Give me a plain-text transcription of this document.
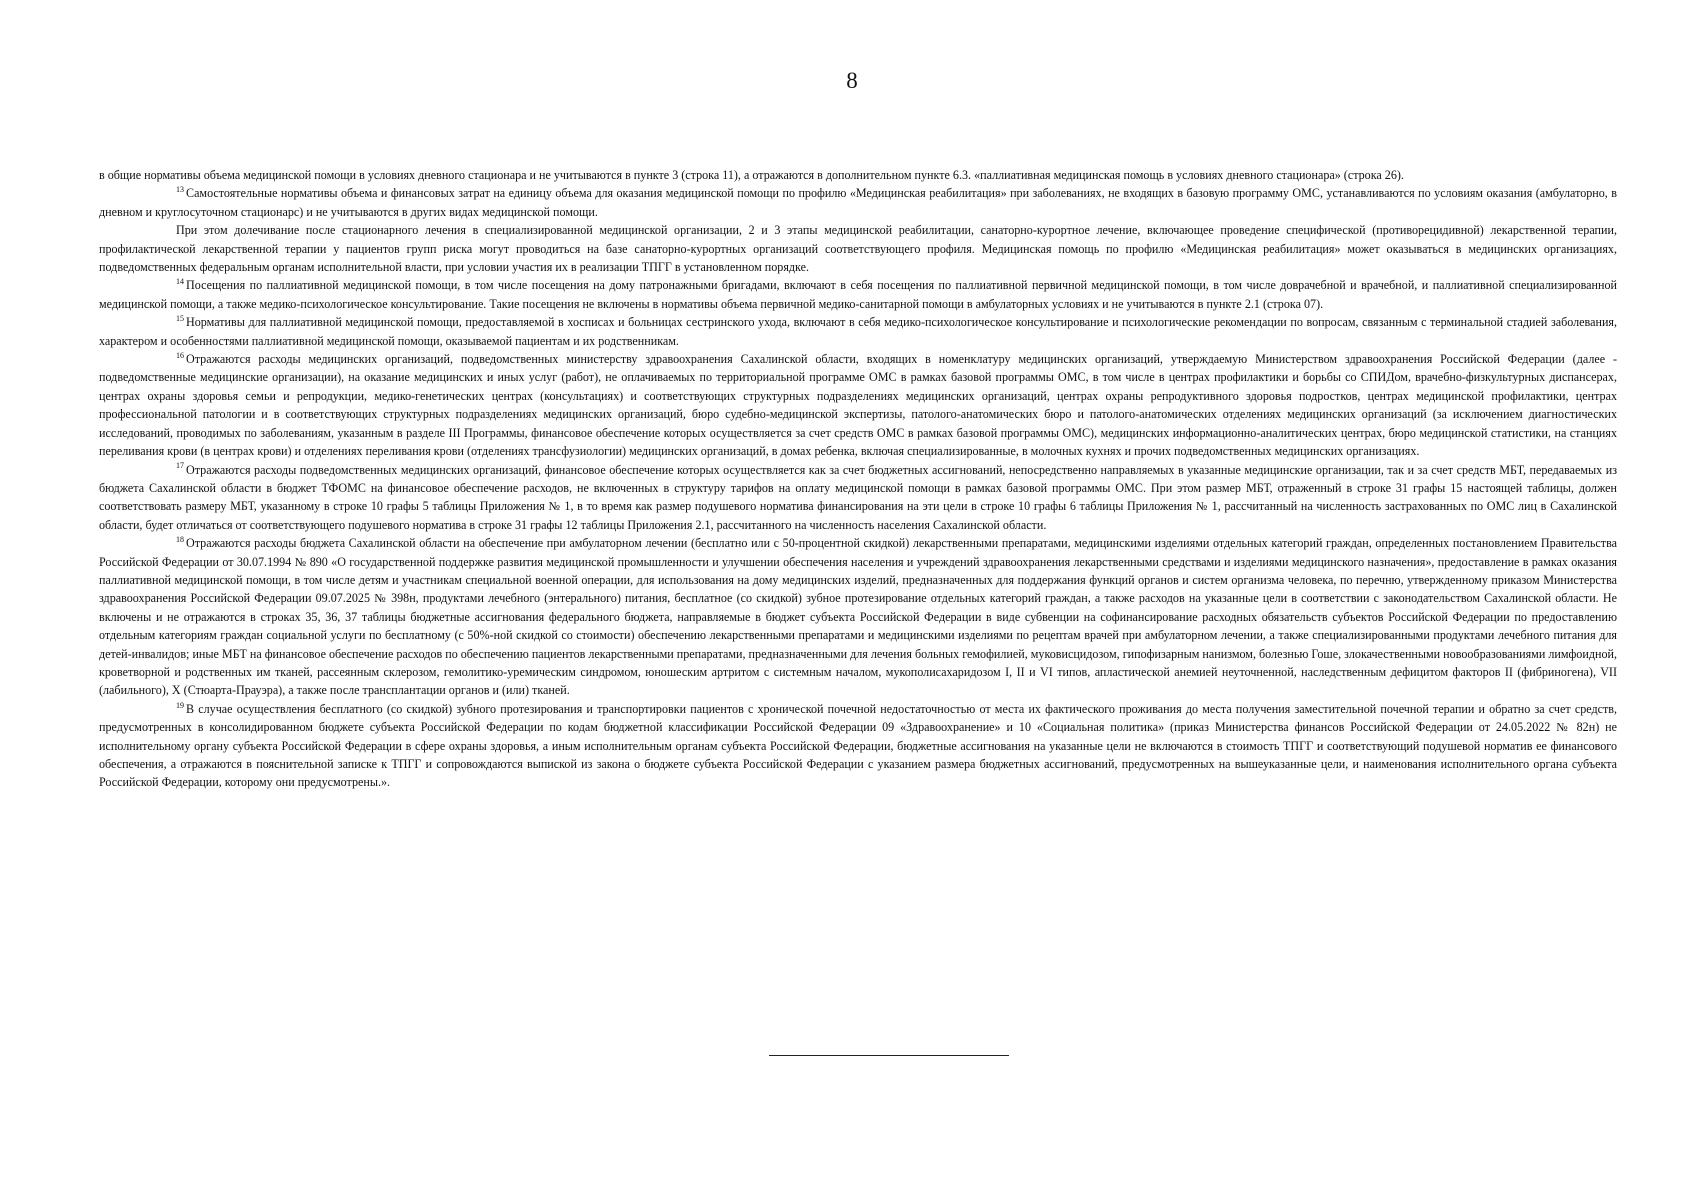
8

в общие нормативы объема медицинской помощи в условиях дневного стационара и не учитываются в пункте 3 (строка 11), а отражаются в дополнительном пункте 6.3. «паллиативная медицинская помощь в условиях дневного стационара» (строка 26).

$^{13}$ Самостоятельные нормативы объема и финансовых затрат на единицу объема для оказания медицинской помощи по профилю «Медицинская реабилитация» при заболеваниях, не входящих в базовую программу ОМС, устанавливаются по условиям оказания (амбулаторно, в дневном и круглосуточном стационарс) и не учитываются в других видах медицинской помощи.

При этом долечивание после стационарного лечения в специализированной медицинской организации, 2 и 3 этапы медицинской реабилитации, санаторно-курортное лечение, включающее проведение специфической (противорецидивной) лекарственной терапии, профилактической лекарственной терапии у пациентов групп риска могут проводиться на базе санаторно-курортных организаций соответствующего профиля. Медицинская помощь по профилю «Медицинская реабилитация» может оказываться в медицинских организациях, подведомственных федеральным органам исполнительной власти, при условии участия их в реализации ТПГГ в установленном порядке.

$^{14}$ Посещения по паллиативной медицинской помощи, в том числе посещения на дому патронажными бригадами, включают в себя посещения по паллиативной первичной медицинской помощи, в том числе доврачебной и врачебной, и паллиативной специализированной медицинской помощи, а также медико-психологическое консультирование. Такие посещения не включены в нормативы объема первичной медико-санитарной помощи в амбулаторных условиях и не учитываются в пункте 2.1 (строка 07).

$^{15}$ Нормативы для паллиативной медицинской помощи, предоставляемой в хосписах и больницах сестринского ухода, включают в себя медико-психологическое консультирование и психологические рекомендации по вопросам, связанным с терминальной стадией заболевания, характером и особенностями паллиативной медицинской помощи, оказываемой пациентам и их родственникам.

$^{16}$ Отражаются расходы медицинских организаций, подведомственных министерству здравоохранения Сахалинской области, входящих в номенклатуру медицинских организаций, утверждаемую Министерством здравоохранения Российской Федерации (далее - подведомственные медицинские организации), на оказание медицинских и иных услуг (работ), не оплачиваемых по территориальной программе ОМС в рамках базовой программы ОМС, в том числе в центрах профилактики и борьбы со СПИДом, врачебно-физкультурных диспансерах, центрах охраны здоровья семьи и репродукции, медико-генетических центрах (консультациях) и соответствующих структурных подразделениях медицинских организаций, центрах охраны репродуктивного здоровья подростков, центрах медицинской профилактики, центрах профессиональной патологии и в соответствующих структурных подразделениях медицинских организаций, бюро судебно-медицинской экспертизы, патолого-анатомических бюро и патолого-анатомических отделениях медицинских организаций (за исключением диагностических исследований, проводимых по заболеваниям, указанным в разделе III Программы, финансовое обеспечение которых осуществляется за счет средств ОМС в рамках базовой программы ОМС), медицинских информационно-аналитических центрах, бюро медицинской статистики, на станциях переливания крови (в центрах крови) и отделениях переливания крови (отделениях трансфузиологии) медицинских организаций, в домах ребенка, включая специализированные, в молочных кухнях и прочих подведомственных медицинских организациях.

$^{17}$ Отражаются расходы подведомственных медицинских организаций, финансовое обеспечение которых осуществляется как за счет бюджетных ассигнований, непосредственно направляемых в указанные медицинские организации, так и за счет средств МБТ, передаваемых из бюджета Сахалинской области в бюджет ТФОМС на финансовое обеспечение расходов, не включенных в структуру тарифов на оплату медицинской помощи в рамках базовой программы ОМС. При этом размер МБТ, отраженный в строке 31 графы 15 настоящей таблицы, должен соответствовать размеру МБТ, указанному в строке 10 графы 5 таблицы Приложения № 1, в то время как размер подушевого норматива финансирования на эти цели в строке 10 графы 6 таблицы Приложения № 1, рассчитанный на численность застрахованных по ОМС лиц в Сахалинской области, будет отличаться от соответствующего подушевого норматива в строке 31 графы 12 таблицы Приложения 2.1, рассчитанного на численность населения Сахалинской области.

$^{18}$ Отражаются расходы бюджета Сахалинской области на обеспечение при амбулаторном лечении (бесплатно или с 50-процентной скидкой) лекарственными препаратами, медицинскими изделиями отдельных категорий граждан, определенных постановлением Правительства Российской Федерации от 30.07.1994 № 890 «О государственной поддержке развития медицинской промышленности и улучшении обеспечения населения и учреждений здравоохранения лекарственными средствами и изделиями медицинского назначения», предоставление в рамках оказания паллиативной медицинской помощи, в том числе детям и участникам специальной военной операции, для использования на дому медицинских изделий, предназначенных для поддержания функций органов и систем организма человека, по перечню, утвержденному приказом Министерства здравоохранения Российской Федерации 09.07.2025 № 398н, продуктами лечебного (энтерального) питания, бесплатное (со скидкой) зубное протезирование отдельных категорий граждан, а также расходов на указанные цели в соответствии с законодательством Сахалинской области. Не включены и не отражаются в строках 35, 36, 37 таблицы бюджетные ассигнования федерального бюджета, направляемые в бюджет субъекта Российской Федерации в виде субвенции на софинансирование расходных обязательств субъектов Российской Федерации по предоставлению отдельным категориям граждан социальной услуги по бесплатному (с 50%-ной скидкой со стоимости) обеспечению лекарственными препаратами и медицинскими изделиями по рецептам врачей при амбулаторном лечении, а также специализированными продуктами лечебного питания для детей-инвалидов; иные МБТ на финансовое обеспечение расходов по обеспечению пациентов лекарственными препаратами, предназначенными для лечения больных гемофилией, муковисцидозом, гипофизарным нанизмом, болезнью Гоше, злокачественными новообразованиями лимфоидной, кроветворной и родственных им тканей, рассеянным склерозом, гемолитико-уремическим синдромом, юношеским артритом с системным началом, мукополисахаридозом I, II и VI типов, апластической анемией неуточненной, наследственным дефицитом факторов II (фибриногена), VII (лабильного), X (Стюарта-Прауэра), а также после трансплантации органов и (или) тканей.

$^{19}$ В случае осуществления бесплатного (со скидкой) зубного протезирования и транспортировки пациентов с хронической почечной недостаточностью от места их фактического проживания до места получения заместительной почечной терапии и обратно за счет средств, предусмотренных в консолидированном бюджете субъекта Российской Федерации по кодам бюджетной классификации Российской Федерации 09 «Здравоохранение» и 10 «Социальная политика» (приказ Министерства финансов Российской Федерации от 24.05.2022 № 82н) не исполнительному органу субъекта Российской Федерации в сфере охраны здоровья, а иным исполнительным органам субъекта Российской Федерации, бюджетные ассигнования на указанные цели не включаются в стоимость ТПГГ и соответствующий подушевой норматив ее финансового обеспечения, а отражаются в пояснительной записке к ТПГГ и сопровождаются выпиской из закона о бюджете субъекта Российской Федерации с указанием размера бюджетных ассигнований, предусмотренных на вышеуказанные цели, и наименования исполнительного органа субъекта Российской Федерации, которому они предусмотрены.».
